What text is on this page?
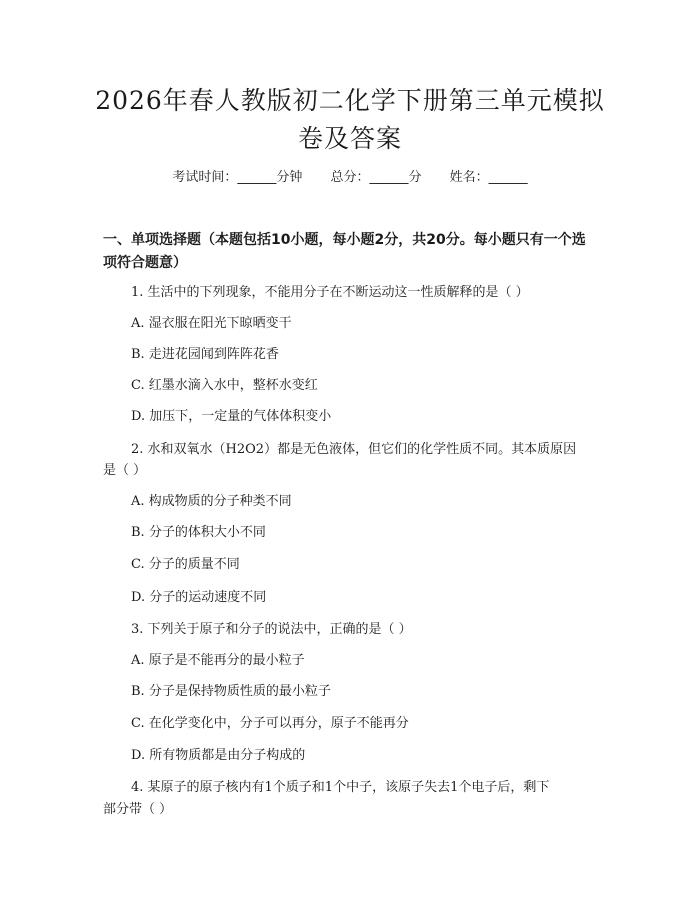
2026年春人教版初二化学下册第三单元模拟
卷及答案
考试时间：______分钟 总分：______分 姓名：______
一、单项选择题（本题包括10小题，每小题2分，共20分。每小题只有一个选
项符合题意）
1. 生活中的下列现象，不能用分子在不断运动这一性质解释的是（ ）
A. 湿衣服在阳光下晾晒变干
B. 走进花园闻到阵阵花香
C. 红墨水滴入水中，整杯水变红
D. 加压下，一定量的气体体积变小
2. 水和双氧水（H2O2）都是无色液体，但它们的化学性质不同。其本质原因
是（ ）
A. 构成物质的分子种类不同
B. 分子的体积大小不同
C. 分子的质量不同
D. 分子的运动速度不同
3. 下列关于原子和分子的说法中，正确的是（ ）
A. 原子是不能再分的最小粒子
B. 分子是保持物质性质的最小粒子
C. 在化学变化中，分子可以再分，原子不能再分
D. 所有物质都是由分子构成的
4. 某原子的原子核内有1个质子和1个中子，该原子失去1个电子后，剩下
部分带（ ）
